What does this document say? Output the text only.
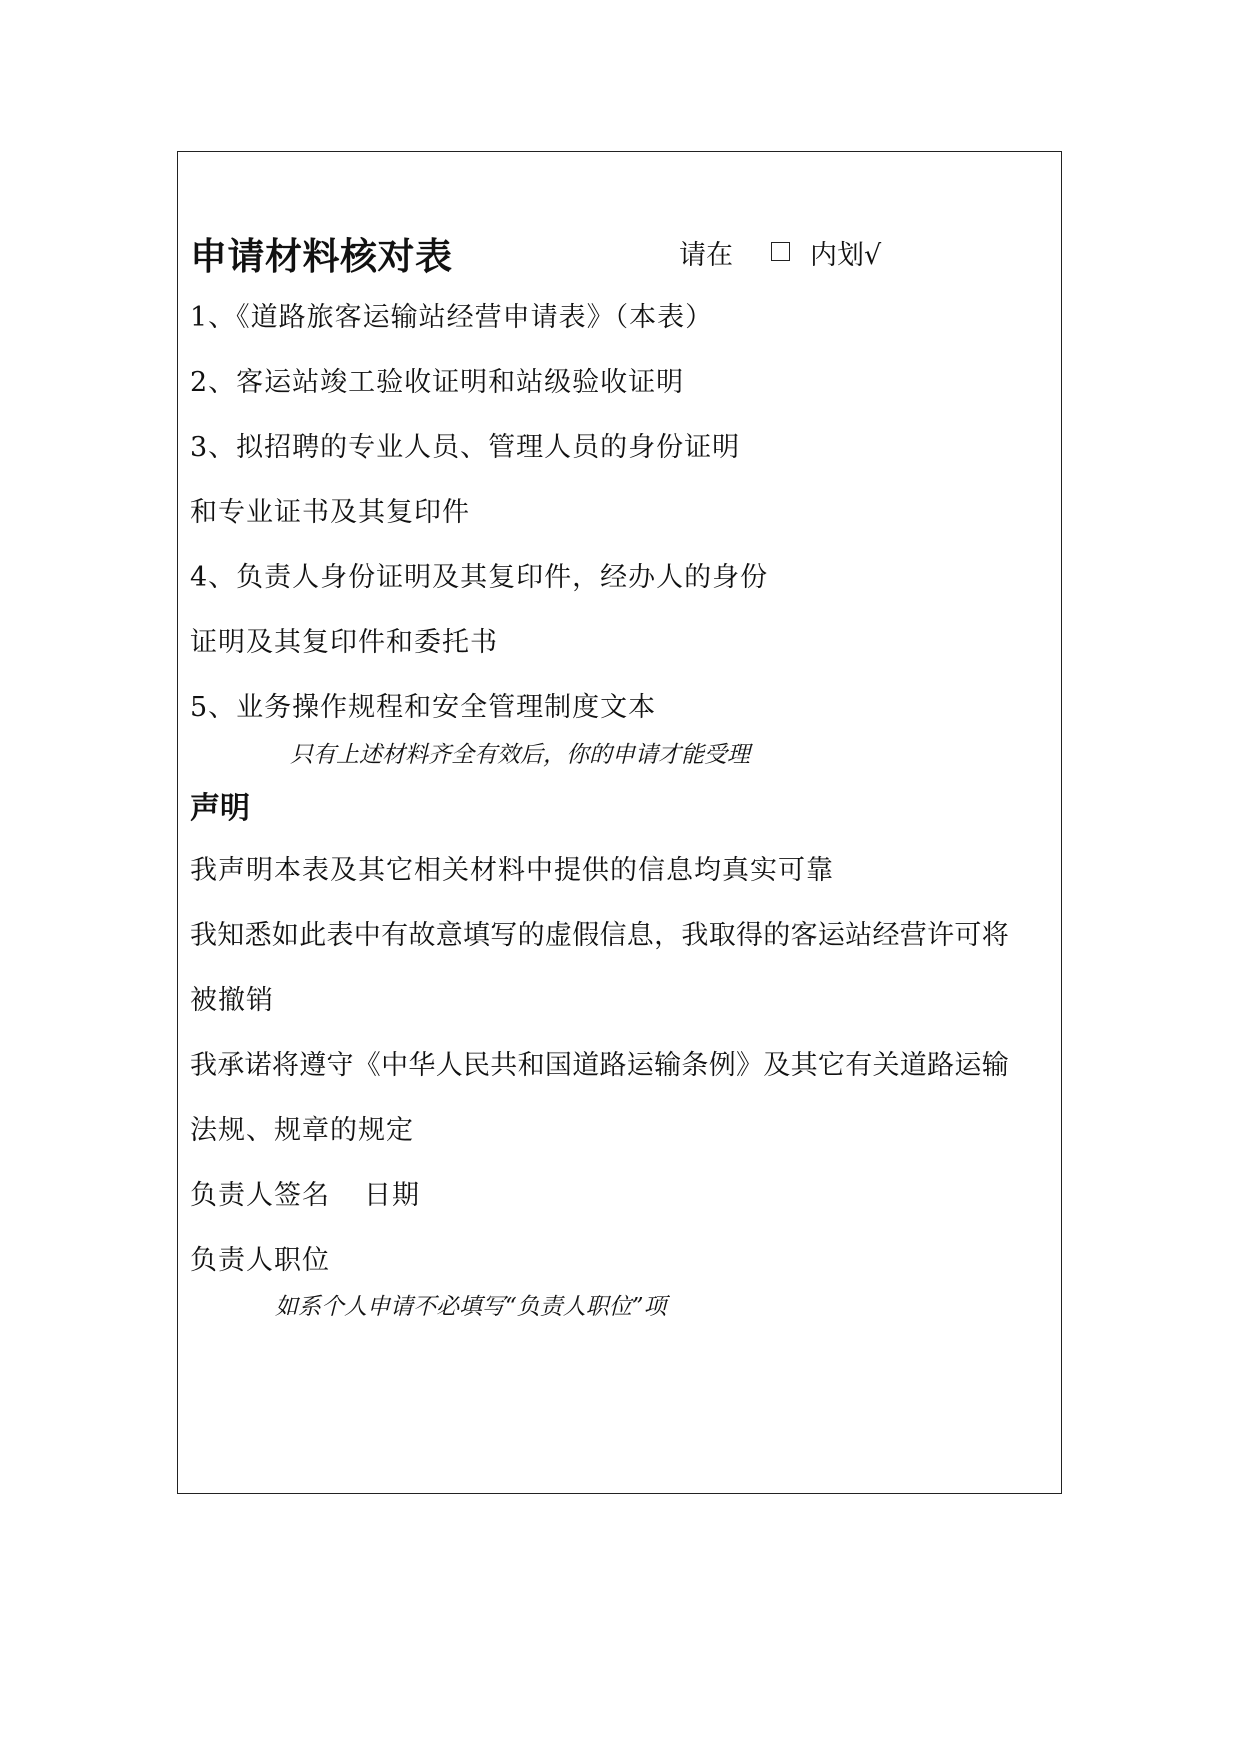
申请材料核对表	请在	内划√
1、《道路旅客运输站经营申请表》（本表）
2、客运站竣工验收证明和站级验收证明
3、拟招聘的专业人员、管理人员的身份证明
和专业证书及其复印件
4、负责人身份证明及其复印件，经办人的身份
证明及其复印件和委托书
5、业务操作规程和安全管理制度文本
只有上述材料齐全有效后，你的申请才能受理
声明
我声明本表及其它相关材料中提供的信息均真实可靠
我知悉如此表中有故意填写的虚假信息，我取得的客运站经营许可将
被撤销
我承诺将遵守《中华人民共和国道路运输条例》及其它有关道路运输
法规、规章的规定
负责人签名 日期
负责人职位
如系个人申请不必填写“负责人职位”项
